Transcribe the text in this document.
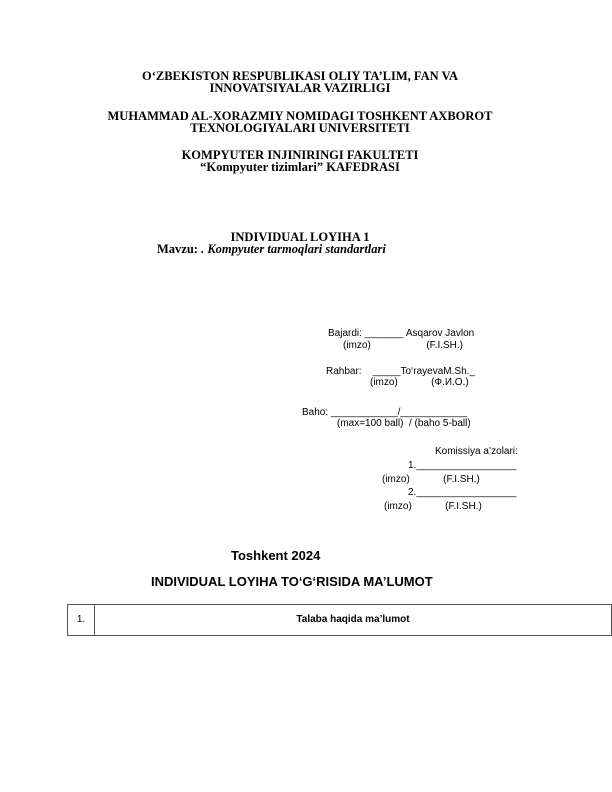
O‘ZBEKISTON RESPUBLIKASI OLIY TA’LIM, FAN VA
INNOVATSIYALAR VAZIRLIGI
MUHAMMAD AL-XORAZMIY NOMIDAGI TOSHKENT AXBOROT
TEXNOLOGIYALARI UNIVERSITETI
KOMPYUTER INJINIRINGI FAKULTETI
“Kompyuter tizimlari” KAFEDRASI
INDIVIDUAL LOYIHA 1
Mavzu: . Kompyuter tarmoqlari standartlari
Bajardi: _______ Asqarov Javlon
(imzo)                    (F.I.SH.)
Rahbar:    _____To‘rayevaM.Sh._
(imzo)            (Ф.И.О.)
Baho: ____________/____________
(max=100 ball)  / (baho 5-ball)
Komissiya a’zolari:
1.__________________
(imzo)            (F.I.SH.)
2.__________________
(imzo)            (F.I.SH.)
Toshkent 2024
INDIVIDUAL LOYIHA TO‘G‘RISIDA MA’LUMOT
1.	Talaba haqida ma’lumot
